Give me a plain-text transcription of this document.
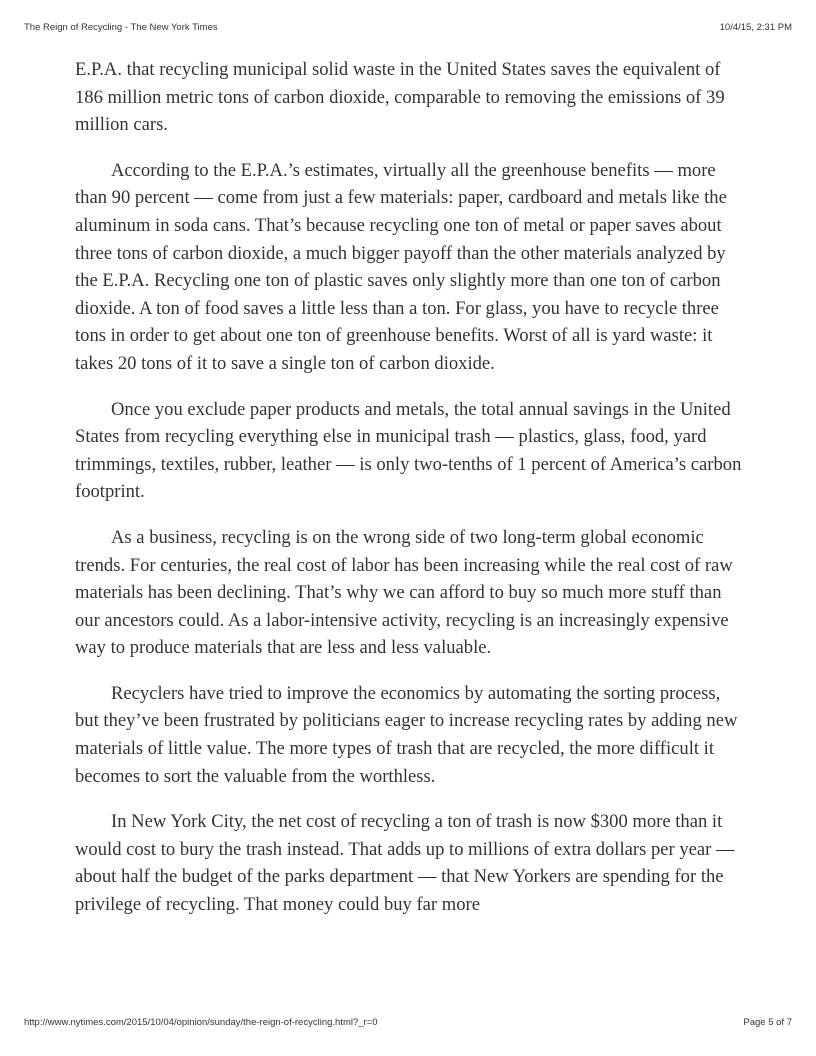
The Reign of Recycling - The New York Times	10/4/15, 2:31 PM

E.P.A. that recycling municipal solid waste in the United States saves the equivalent of 186 million metric tons of carbon dioxide, comparable to removing the emissions of 39 million cars.

According to the E.P.A.’s estimates, virtually all the greenhouse benefits — more than 90 percent — come from just a few materials: paper, cardboard and metals like the aluminum in soda cans. That’s because recycling one ton of metal or paper saves about three tons of carbon dioxide, a much bigger payoff than the other materials analyzed by the E.P.A. Recycling one ton of plastic saves only slightly more than one ton of carbon dioxide. A ton of food saves a little less than a ton. For glass, you have to recycle three tons in order to get about one ton of greenhouse benefits. Worst of all is yard waste: it takes 20 tons of it to save a single ton of carbon dioxide.

Once you exclude paper products and metals, the total annual savings in the United States from recycling everything else in municipal trash — plastics, glass, food, yard trimmings, textiles, rubber, leather — is only two-tenths of 1 percent of America’s carbon footprint.

As a business, recycling is on the wrong side of two long-term global economic trends. For centuries, the real cost of labor has been increasing while the real cost of raw materials has been declining. That’s why we can afford to buy so much more stuff than our ancestors could. As a labor-intensive activity, recycling is an increasingly expensive way to produce materials that are less and less valuable.

Recyclers have tried to improve the economics by automating the sorting process, but they’ve been frustrated by politicians eager to increase recycling rates by adding new materials of little value. The more types of trash that are recycled, the more difficult it becomes to sort the valuable from the worthless.

In New York City, the net cost of recycling a ton of trash is now $300 more than it would cost to bury the trash instead. That adds up to millions of extra dollars per year — about half the budget of the parks department — that New Yorkers are spending for the privilege of recycling. That money could buy far more

http://www.nytimes.com/2015/10/04/opinion/sunday/the-reign-of-recycling.html?_r=0	Page 5 of 7
